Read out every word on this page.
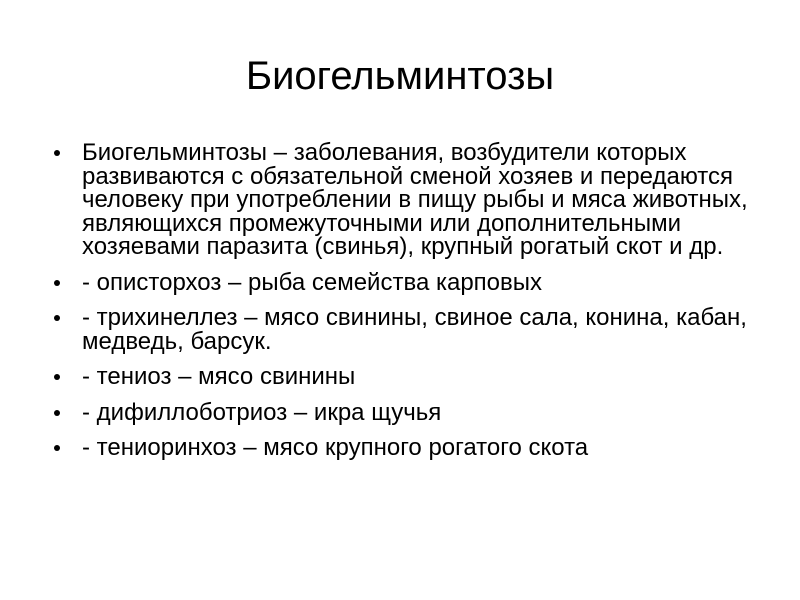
Биогельминтозы
Биогельминтозы – заболевания, возбудители которых развиваются с обязательной сменой хозяев и передаются человеку при употреблении в пищу рыбы и мяса животных, являющихся промежуточными или дополнительными хозяевами паразита (свинья), крупный рогатый скот и др.
- описторхоз – рыба семейства карповых
- трихинеллез – мясо свинины, свиное сала, конина, кабан, медведь, барсук.
- тениоз – мясо свинины
- дифиллоботриоз – икра щучья
- тениоринхоз – мясо крупного рогатого скота
